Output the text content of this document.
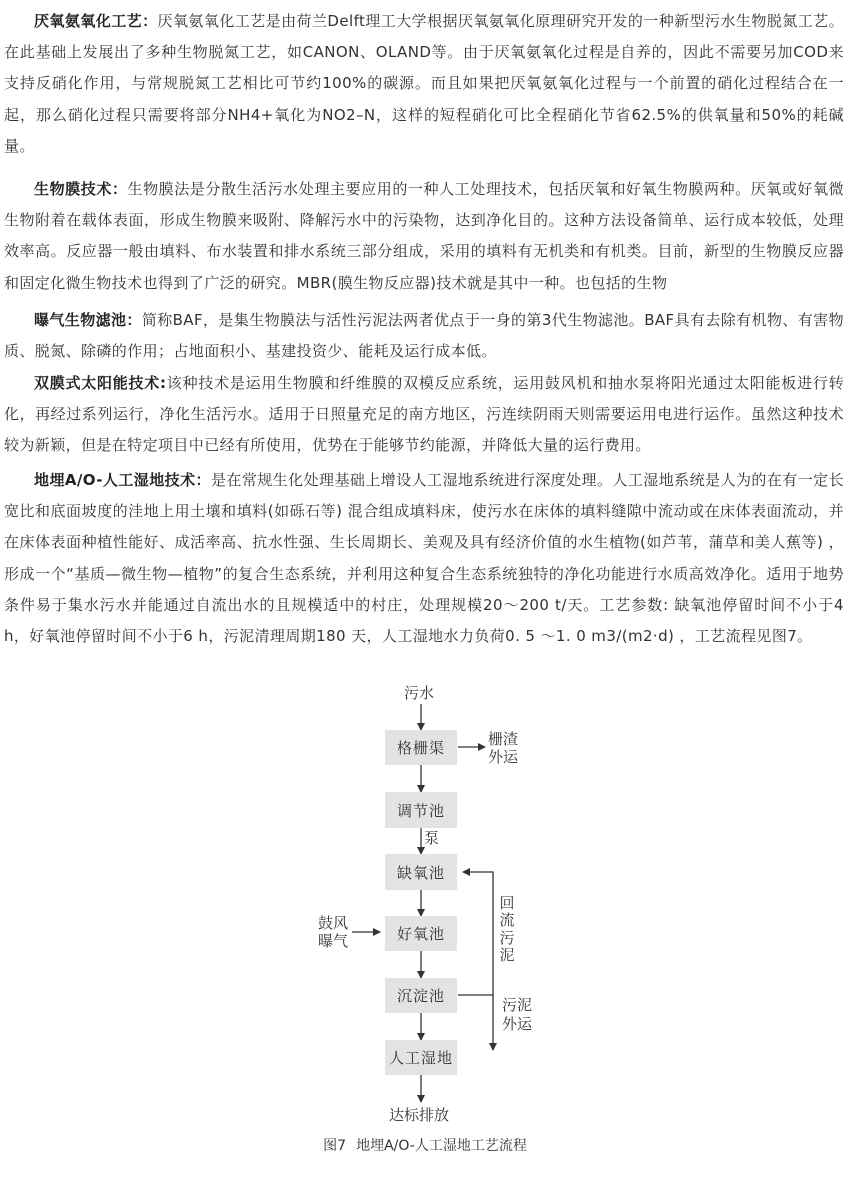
厌氧氨氧化工艺：厌氧氨氧化工艺是由荷兰Delft理工大学根据厌氧氨氧化原理研究开发的一种新型污水生物脱氮工艺。在此基础上发展出了多种生物脱氮工艺，如CANON、OLAND等。由于厌氧氨氧化过程是自养的，因此不需要另加COD来支持反硝化作用，与常规脱氮工艺相比可节约100%的碳源。而且如果把厌氧氨氧化过程与一个前置的硝化过程结合在一起，那么硝化过程只需要将部分NH4+氧化为NO2–N，这样的短程硝化可比全程硝化节省62.5%的供氧量和50%的耗碱量。

生物膜技术：生物膜法是分散生活污水处理主要应用的一种人工处理技术，包括厌氧和好氧生物膜两种。厌氧或好氧微生物附着在载体表面，形成生物膜来吸附、降解污水中的污染物，达到净化目的。这种方法设备简单、运行成本较低，处理效率高。反应器一般由填料、布水装置和排水系统三部分组成，采用的填料有无机类和有机类。目前，新型的生物膜反应器和固定化微生物技术也得到了广泛的研究。MBR(膜生物反应器)技术就是其中一种。也包括的生物

曝气生物滤池：简称BAF，是集生物膜法与活性污泥法两者优点于一身的第3代生物滤池。BAF具有去除有机物、有害物质、脱氮、除磷的作用；占地面积小、基建投资少、能耗及运行成本低。

双膜式太阳能技术:该种技术是运用生物膜和纤维膜的双模反应系统，运用鼓风机和抽水泵将阳光通过太阳能板进行转化，再经过系列运行，净化生活污水。适用于日照量充足的南方地区，污连续阴雨天则需要运用电进行运作。虽然这种技术较为新颖，但是在特定项目中已经有所使用，优势在于能够节约能源，并降低大量的运行费用。

地埋A/O-人工湿地技术：是在常规生化处理基础上增设人工湿地系统进行深度处理。人工湿地系统是人为的在有一定长宽比和底面坡度的洼地上用土壤和填料(如砾石等) 混合组成填料床，使污水在床体的填料缝隙中流动或在床体表面流动，并在床体表面种植性能好、成活率高、抗水性强、生长周期长、美观及具有经济价值的水生植物(如芦苇，蒲草和美人蕉等) ，形成一个“基质—微生物—植物”的复合生态系统，并利用这种复合生态系统独特的净化功能进行水质高效净化。适用于地势条件易于集水污水并能通过自流出水的且规模适中的村庄，处理规模20～200 t/天。工艺参数: 缺氧池停留时间不小于4 h，好氧池停留时间不小于6 h，污泥清理周期180 天，人工湿地水力负荷0. 5 ～1. 0 m3/(m2·d) ，工艺流程见图7。

污水
格栅渠
调节池
缺氧池
好氧池
沉淀池
人工湿地
达标排放
栅渣
外运
泵
鼓风
曝气
回
流
污
泥
污泥
外运
图7 地埋A/O-人工湿地工艺流程
